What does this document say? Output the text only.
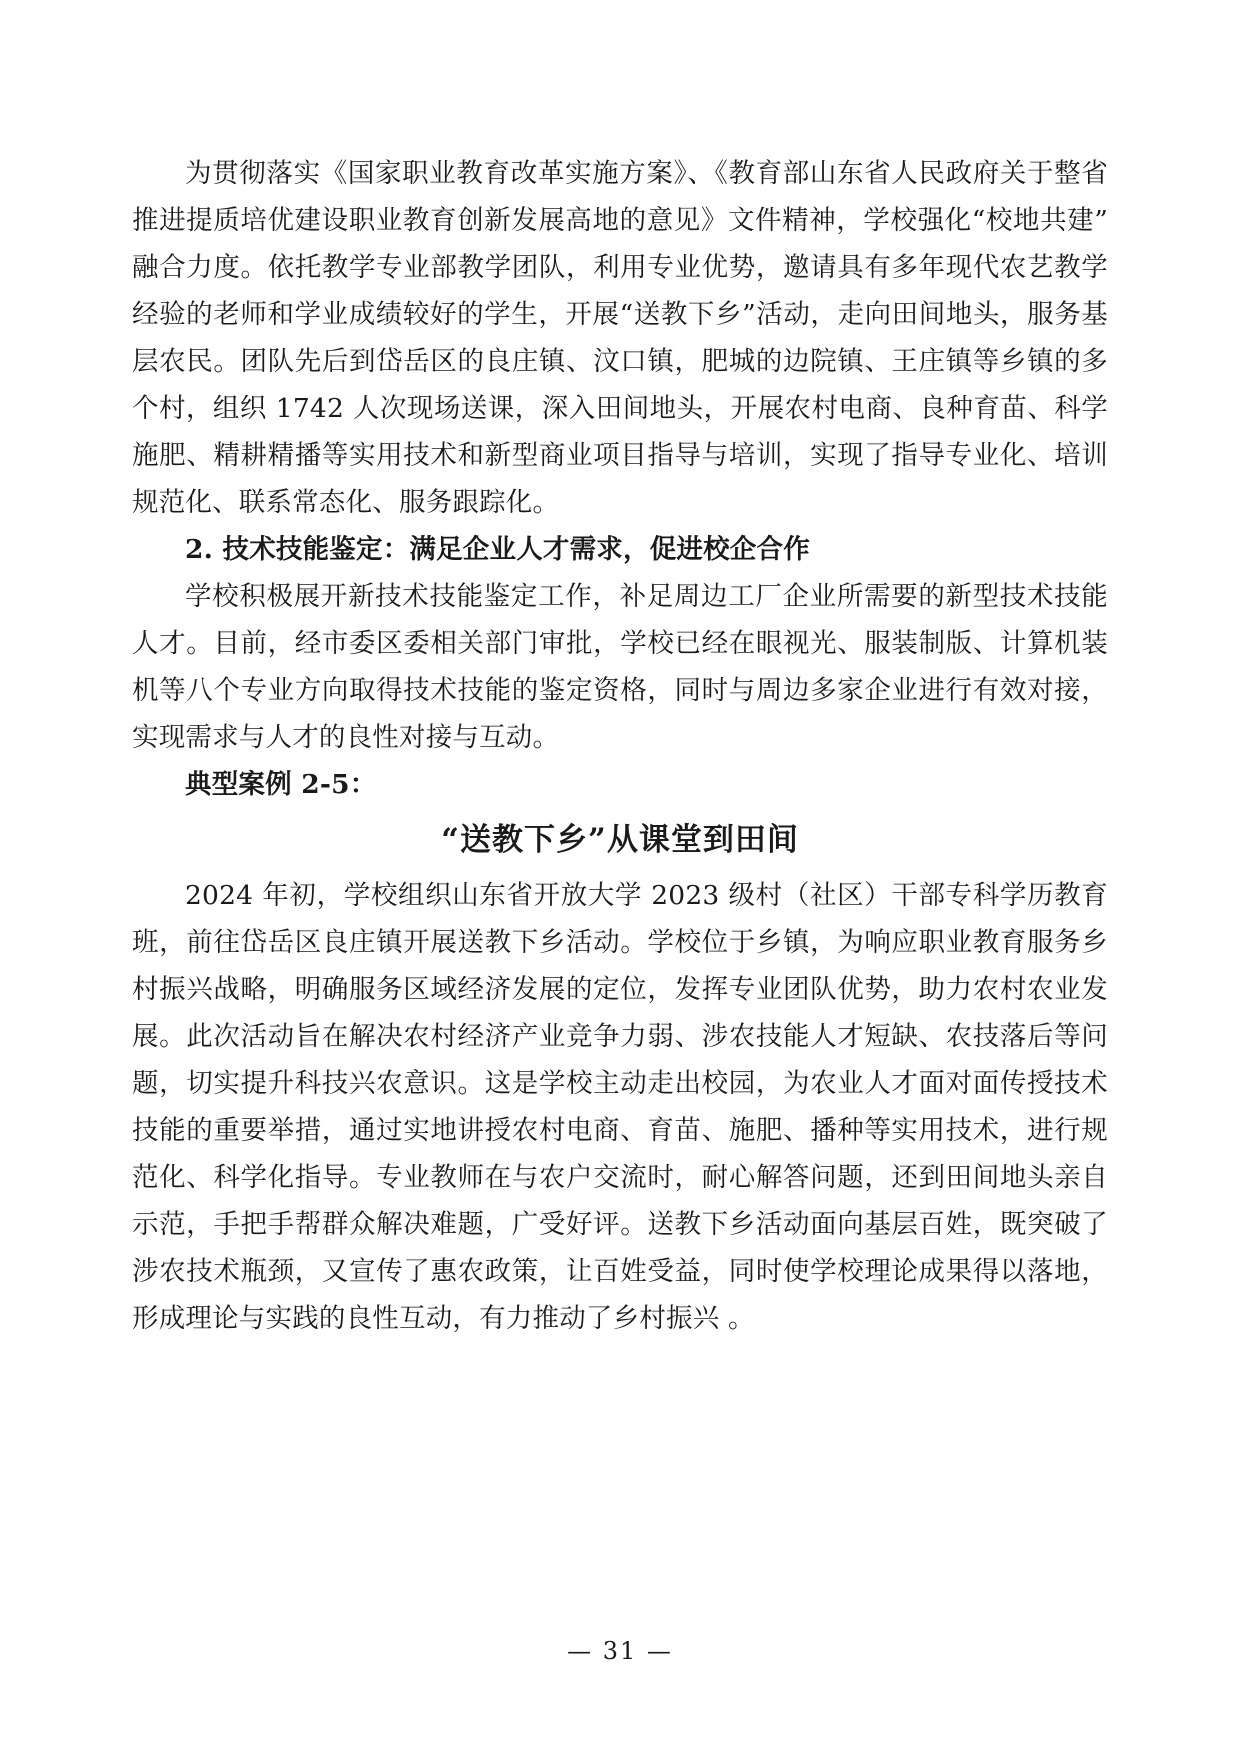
为贯彻落实《国家职业教育改革实施方案》、《教育部山东省人民政府关于整省推进提质培优建设职业教育创新发展高地的意见》文件精神，学校强化“校地共建”融合力度。依托教学专业部教学团队，利用专业优势，邀请具有多年现代农艺教学经验的老师和学业成绩较好的学生，开展“送教下乡”活动，走向田间地头，服务基层农民。团队先后到岱岳区的良庄镇、汶口镇，肥城的边院镇、王庄镇等乡镇的多个村，组织 1742 人次现场送课，深入田间地头，开展农村电商、良种育苗、科学施肥、精耕精播等实用技术和新型商业项目指导与培训，实现了指导专业化、培训规范化、联系常态化、服务跟踪化。

2. 技术技能鉴定：满足企业人才需求，促进校企合作

学校积极展开新技术技能鉴定工作，补足周边工厂企业所需要的新型技术技能人才。目前，经市委区委相关部门审批，学校已经在眼视光、服装制版、计算机装机等八个专业方向取得技术技能的鉴定资格，同时与周边多家企业进行有效对接，实现需求与人才的良性对接与互动。

典型案例 2-5：

“送教下乡”从课堂到田间

2024 年初，学校组织山东省开放大学 2023 级村（社区）干部专科学历教育班，前往岱岳区良庄镇开展送教下乡活动。学校位于乡镇，为响应职业教育服务乡村振兴战略，明确服务区域经济发展的定位，发挥专业团队优势，助力农村农业发展。此次活动旨在解决农村经济产业竞争力弱、涉农技能人才短缺、农技落后等问题，切实提升科技兴农意识。这是学校主动走出校园，为农业人才面对面传授技术技能的重要举措，通过实地讲授农村电商、育苗、施肥、播种等实用技术，进行规范化、科学化指导。专业教师在与农户交流时，耐心解答问题，还到田间地头亲自示范，手把手帮群众解决难题，广受好评。送教下乡活动面向基层百姓，既突破了涉农技术瓶颈，又宣传了惠农政策，让百姓受益，同时使学校理论成果得以落地，形成理论与实践的良性互动，有力推动了乡村振兴 。

— 31 —
